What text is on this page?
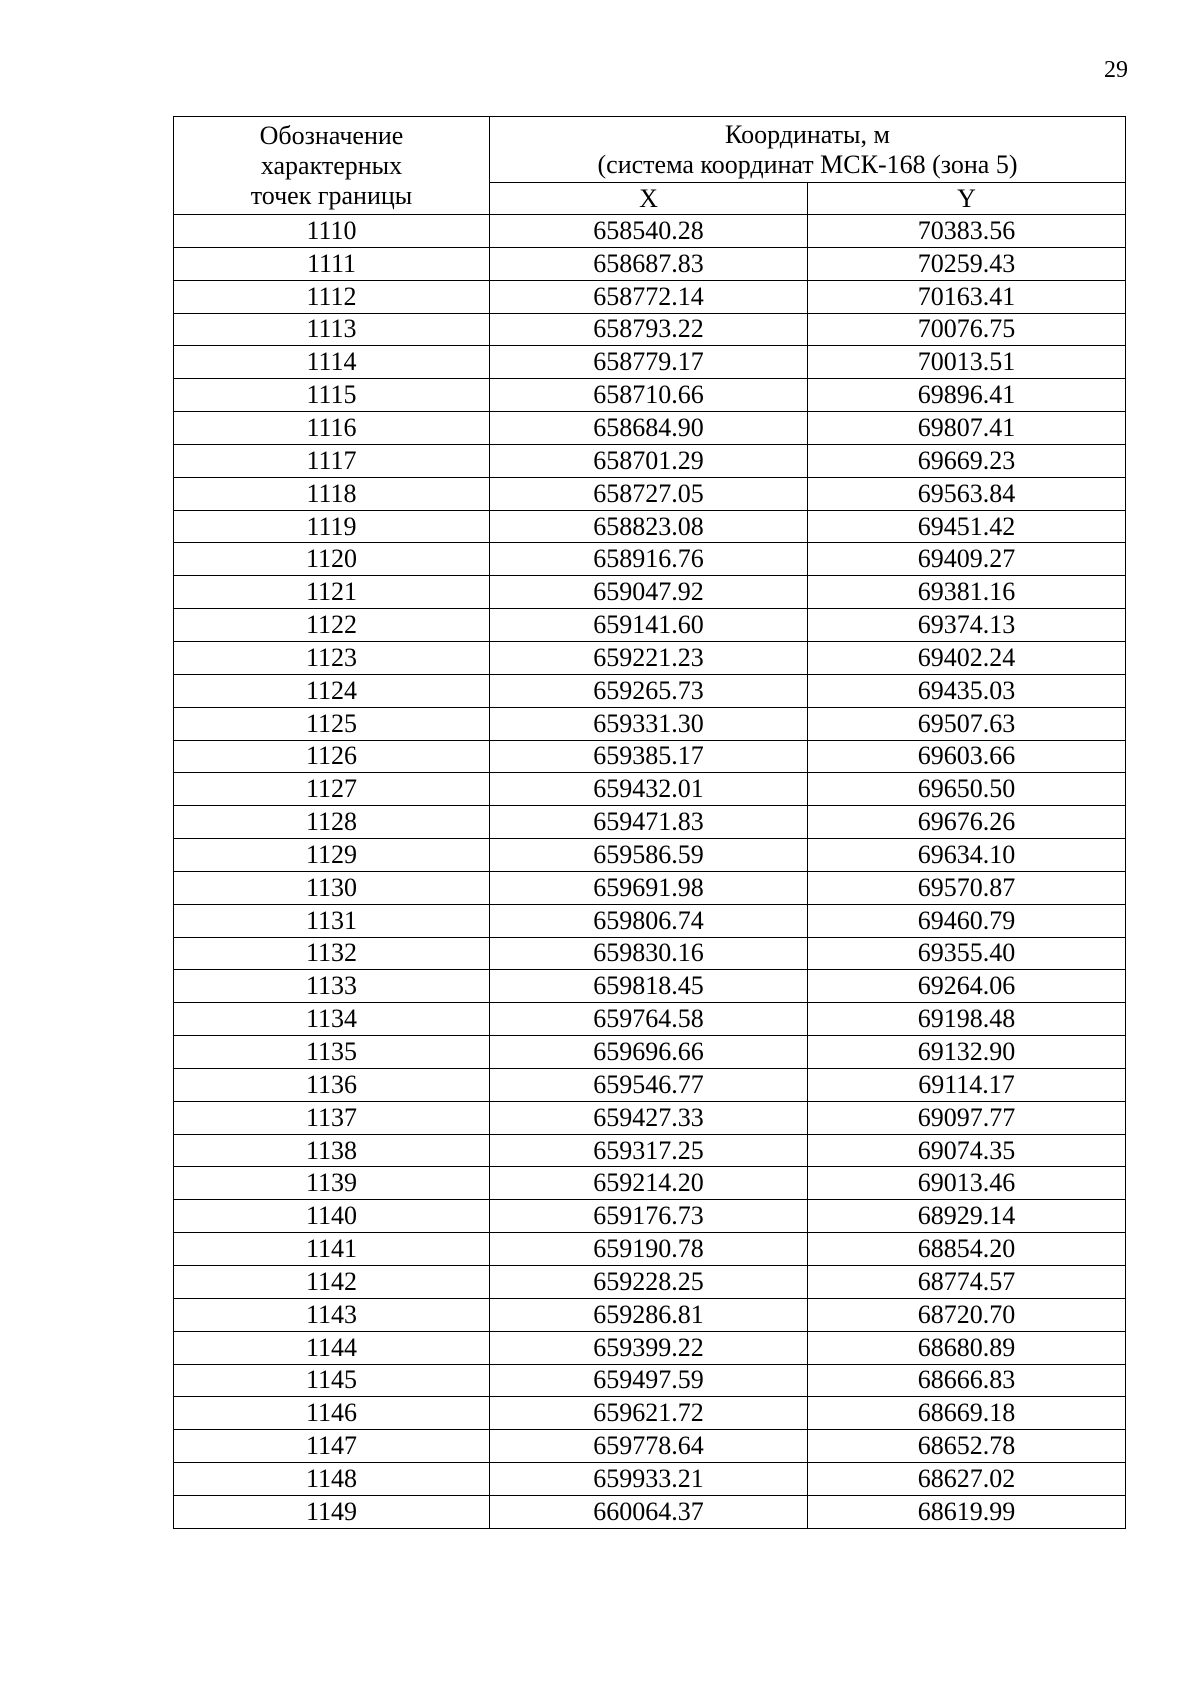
29
Обозначение
характерных
точек границы	Координаты, м
(система координат МСК-168 (зона 5)	

	X	Y
1110	658540.28	70383.56
1111	658687.83	70259.43
1112	658772.14	70163.41
1113	658793.22	70076.75
1114	658779.17	70013.51
1115	658710.66	69896.41
1116	658684.90	69807.41
1117	658701.29	69669.23
1118	658727.05	69563.84
1119	658823.08	69451.42
1120	658916.76	69409.27
1121	659047.92	69381.16
1122	659141.60	69374.13
1123	659221.23	69402.24
1124	659265.73	69435.03
1125	659331.30	69507.63
1126	659385.17	69603.66
1127	659432.01	69650.50
1128	659471.83	69676.26
1129	659586.59	69634.10
1130	659691.98	69570.87
1131	659806.74	69460.79
1132	659830.16	69355.40
1133	659818.45	69264.06
1134	659764.58	69198.48
1135	659696.66	69132.90
1136	659546.77	69114.17
1137	659427.33	69097.77
1138	659317.25	69074.35
1139	659214.20	69013.46
1140	659176.73	68929.14
1141	659190.78	68854.20
1142	659228.25	68774.57
1143	659286.81	68720.70
1144	659399.22	68680.89
1145	659497.59	68666.83
1146	659621.72	68669.18
1147	659778.64	68652.78
1148	659933.21	68627.02
1149	660064.37	68619.99
